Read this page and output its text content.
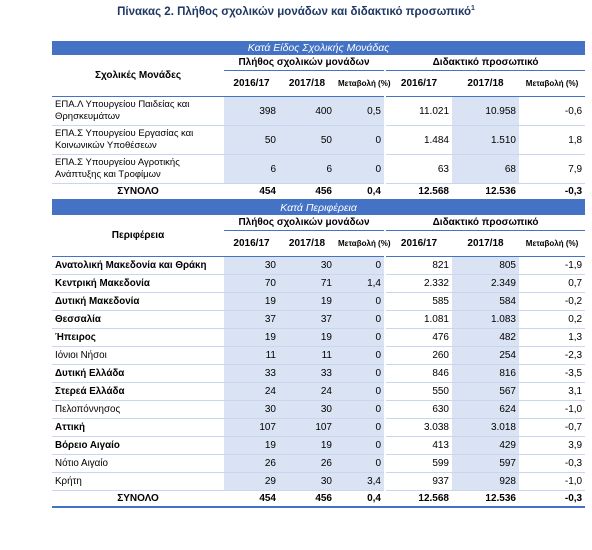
Πίνακας 2. Πλήθος σχολικών μονάδων και διδακτικό προσωπικό$^1$
Κατά Είδος Σχολικής Μονάδας						
Σχολικές Μονάδες	Πλήθος σχολικών μονάδων			Διδακτικό προσωπικό		
	2016/17	2017/18	Μεταβολή (%)	2016/17	2017/18	Μεταβολή (%)
ΕΠΑ.Λ Υπουργείου Παιδείας και Θρησκευμάτων	398	400	0,5	11.021	10.958	-0,6
ΕΠΑ.Σ Υπουργείου Εργασίας και Κοινωνικών Υποθέσεων	50	50	0	1.484	1.510	1,8
ΕΠΑ.Σ Υπουργείου Αγροτικής Ανάπτυξης και Τροφίμων	6	6	0	63	68	7,9
ΣΥΝΟΛΟ	454	456	0,4	12.568	12.536	-0,3
Κατά Περιφέρεια						
Περιφέρεια	Πλήθος σχολικών μονάδων			Διδακτικό προσωπικό		
	2016/17	2017/18	Μεταβολή (%)	2016/17	2017/18	Μεταβολή (%)
Ανατολική Μακεδονία και Θράκη	30	30	0	821	805	-1,9
Κεντρική Μακεδονία	70	71	1,4	2.332	2.349	0,7
Δυτική Μακεδονία	19	19	0	585	584	-0,2
Θεσσαλία	37	37	0	1.081	1.083	0,2
Ήπειρος	19	19	0	476	482	1,3
Ιόνιοι Νήσοι	11	11	0	260	254	-2,3
Δυτική Ελλάδα	33	33	0	846	816	-3,5
Στερεά Ελλάδα	24	24	0	550	567	3,1
Πελοπόννησος	30	30	0	630	624	-1,0
Αττική	107	107	0	3.038	3.018	-0,7
Βόρειο Αιγαίο	19	19	0	413	429	3,9
Νότιο Αιγαίο	26	26	0	599	597	-0,3
Κρήτη	29	30	3,4	937	928	-1,0
ΣΥΝΟΛΟ	454	456	0,4	12.568	12.536	-0,3
